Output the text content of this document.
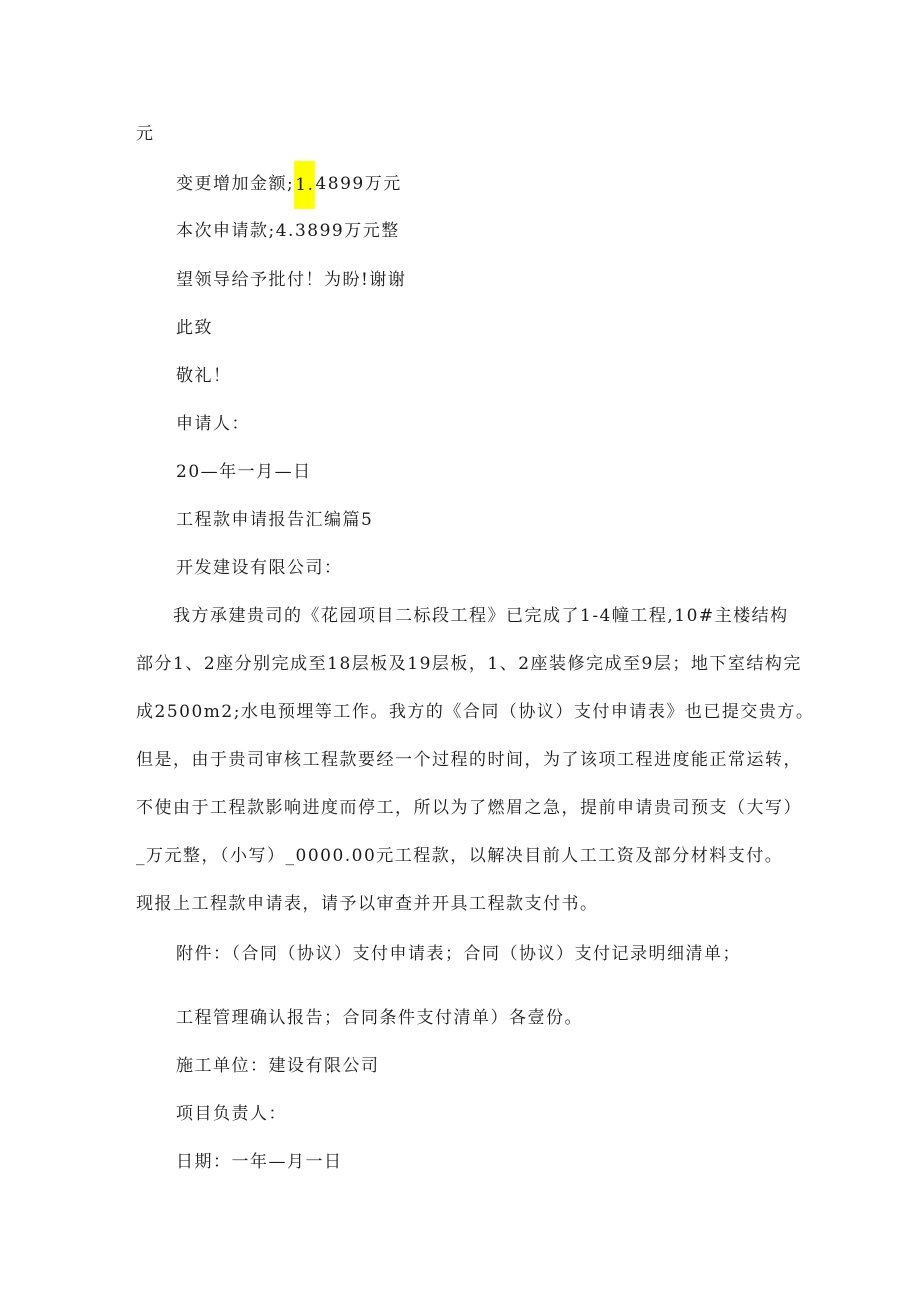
元
变更增加金额;1.4899万元
本次申请款;4.3899万元整
望领导给予批付！为盼!谢谢
此致
敬礼！
申请人：
20—年一月—日
工程款申请报告汇编篇5
开发建设有限公司：
　　我方承建贵司的《花园项目二标段工程》已完成了1-4幢工程,10#主楼结构
部分1、2座分别完成至18层板及19层板，1、2座装修完成至9层；地下室结构完
成2500m2;水电预埋等工作。我方的《合同（协议）支付申请表》也已提交贵方。
但是，由于贵司审核工程款要经一个过程的时间，为了该项工程进度能正常运转，
不使由于工程款影响进度而停工，所以为了燃眉之急，提前申请贵司预支（大写）
_万元整，（小写）_0000.00元工程款，以解决目前人工工资及部分材料支付。
现报上工程款申请表，请予以审查并开具工程款支付书。
附件：（合同（协议）支付申请表；合同（协议）支付记录明细清单；
工程管理确认报告；合同条件支付清单）各壹份。
施工单位：建设有限公司
项目负责人：
日期：一年—月一日
